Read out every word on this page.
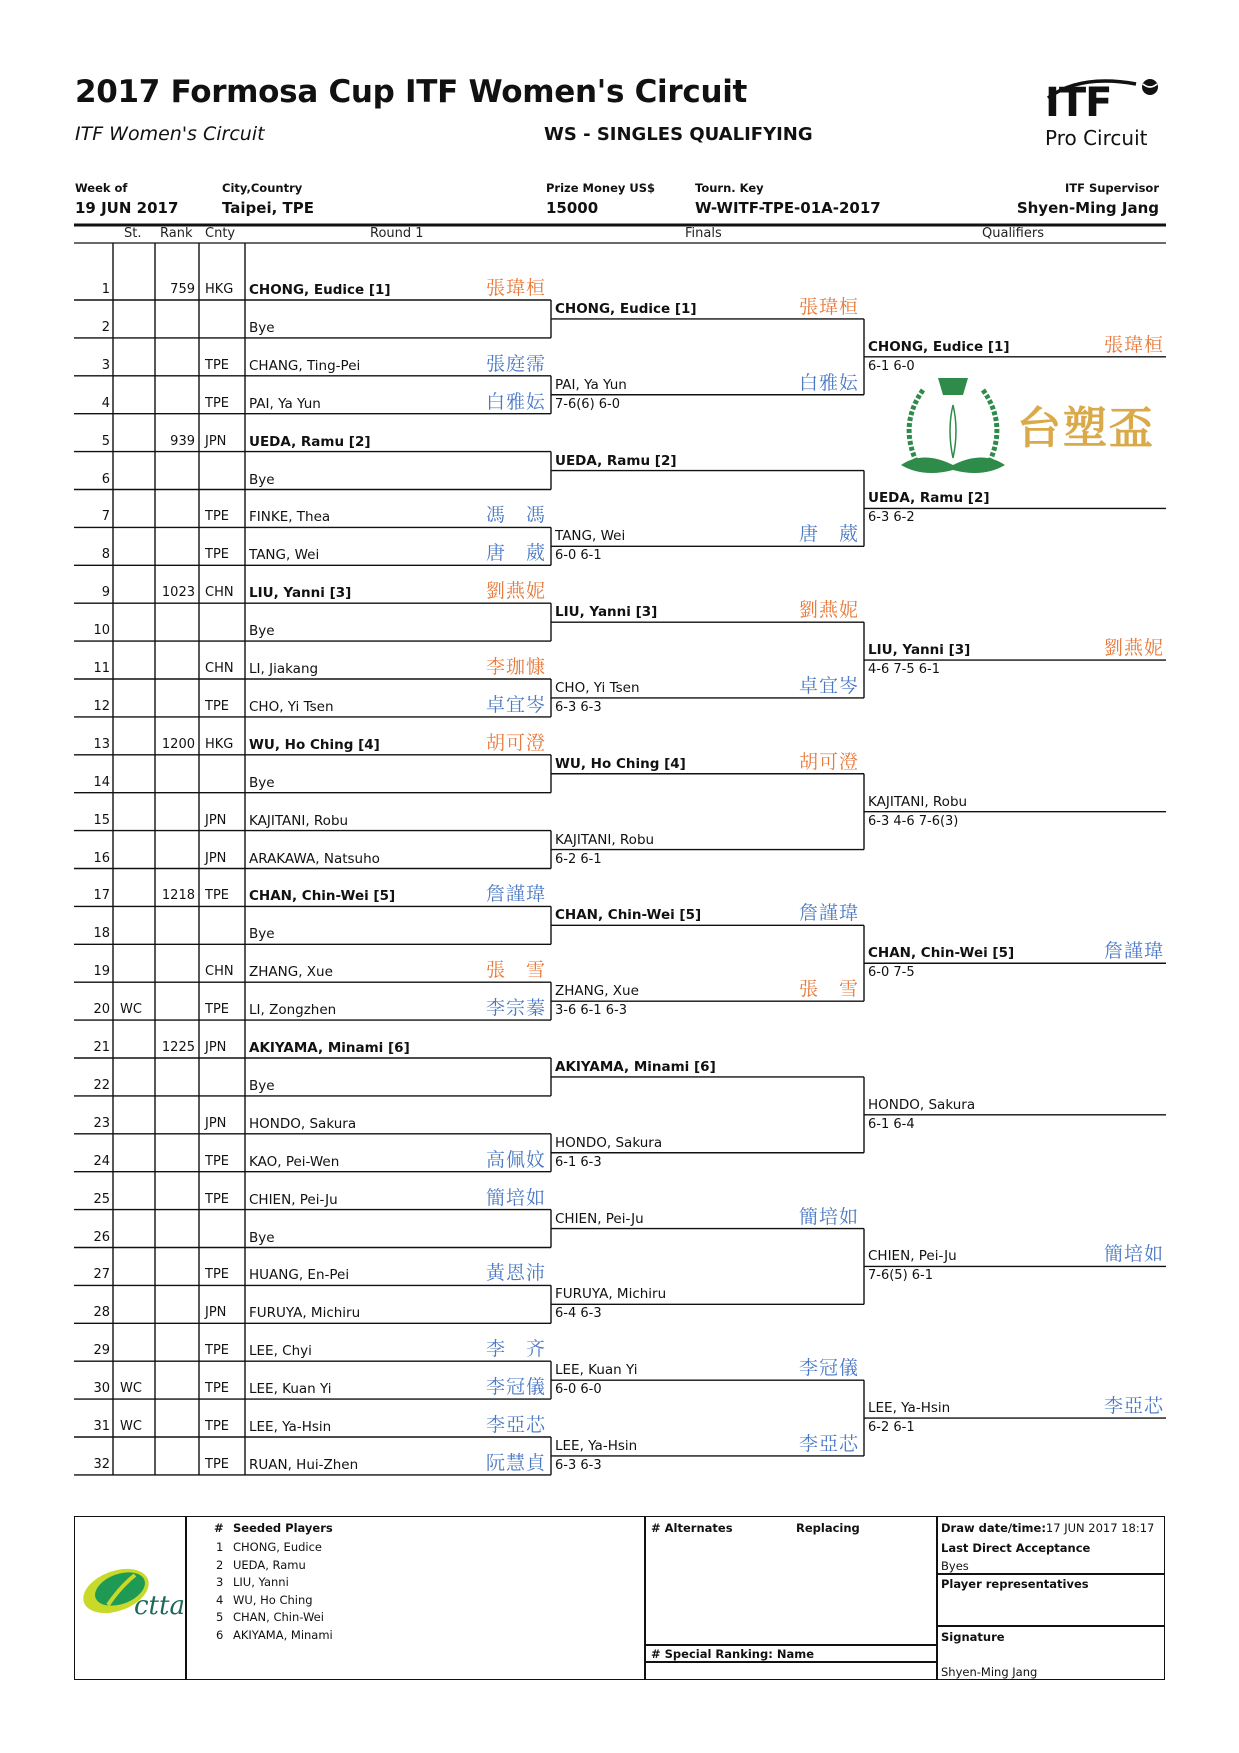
2017 Formosa Cup ITF Women's Circuit
ITF Women's Circuit	WS - SINGLES QUALIFYING
ITF
Pro Circuit
Week of
19 JUN 2017
City,Country
Taipei, TPE
Prize Money US$
15000
Tourn. Key
W-WITF-TPE-01A-2017
ITF Supervisor
Shyen-Ming Jang
St. Rank Cnty	Round 1	Finals	Qualifiers
1	759 HKG CHONG, Eudice [1]	張瑋桓
2	Bye
3	TPE CHANG, Ting-Pei	張庭霈
4	TPE PAI, Ya Yun	白雅妘
5	939 JPN UEDA, Ramu [2]
6	Bye
7	TPE FINKE, Thea	馮　馮
8	TPE TANG, Wei	唐　葳
9	1023 CHN LIU, Yanni [3]	劉燕妮
10	Bye
11	CHN LI, Jiakang	李珈慷
12	TPE CHO, Yi Tsen	卓宜岑
13	1200 HKG WU, Ho Ching [4]	胡可澄
14	Bye
15	JPN KAJITANI, Robu
16	JPN ARAKAWA, Natsuho
17	1218 TPE CHAN, Chin-Wei [5]	詹謹瑋
18	Bye
19	CHN ZHANG, Xue	張　雪
20 WC	TPE LI, Zongzhen	李宗蓁
21	1225 JPN AKIYAMA, Minami [6]
22	Bye
23	JPN HONDO, Sakura
24	TPE KAO, Pei-Wen	高佩妏
25	TPE CHIEN, Pei-Ju	簡培如
26	Bye
27	TPE HUANG, En-Pei	黃恩沛
28	JPN FURUYA, Michiru
29	TPE LEE, Chyi	李　齐
30 WC	TPE LEE, Kuan Yi	李冠儀
31 WC	TPE LEE, Ya-Hsin	李亞芯
32	TPE RUAN, Hui-Zhen	阮慧貞
CHONG, Eudice [1]	張瑋桓
PAI, Ya Yun
7-6(6) 6-0
白雅妘
UEDA, Ramu [2]
TANG, Wei
6-0 6-1
唐　葳
LIU, Yanni [3]	劉燕妮
CHO, Yi Tsen
6-3 6-3
卓宜岑
WU, Ho Ching [4]	胡可澄
KAJITANI, Robu
6-2 6-1
CHAN, Chin-Wei [5]	詹謹瑋
ZHANG, Xue
3-6 6-1 6-3
張　雪
AKIYAMA, Minami [6]
HONDO, Sakura
6-1 6-3
CHIEN, Pei-Ju	簡培如
FURUYA, Michiru
6-4 6-3
LEE, Kuan Yi
6-0 6-0
李冠儀
LEE, Ya-Hsin
6-3 6-3
李亞芯
CHONG, Eudice [1]
6-1 6-0
張瑋桓
UEDA, Ramu [2]
6-3 6-2
LIU, Yanni [3]
4-6 7-5 6-1
劉燕妮
KAJITANI, Robu
6-3 4-6 7-6(3)
CHAN, Chin-Wei [5]
6-0 7-5
詹謹瑋
HONDO, Sakura
6-1 6-4
CHIEN, Pei-Ju
7-6(5) 6-1
簡培如
LEE, Ya-Hsin
6-2 6-1
李亞芯
台塑盃
ctta
# Seeded Players
1 CHONG, Eudice
2 UEDA, Ramu
3 LIU, Yanni
4 WU, Ho Ching
5 CHAN, Chin-Wei
6 AKIYAMA, Minami
# Alternates	Replacing
# Special Ranking: Name
Draw date/time:17 JUN 2017 18:17
Last Direct Acceptance
Byes
Player representatives
Signature
Shyen-Ming Jang
